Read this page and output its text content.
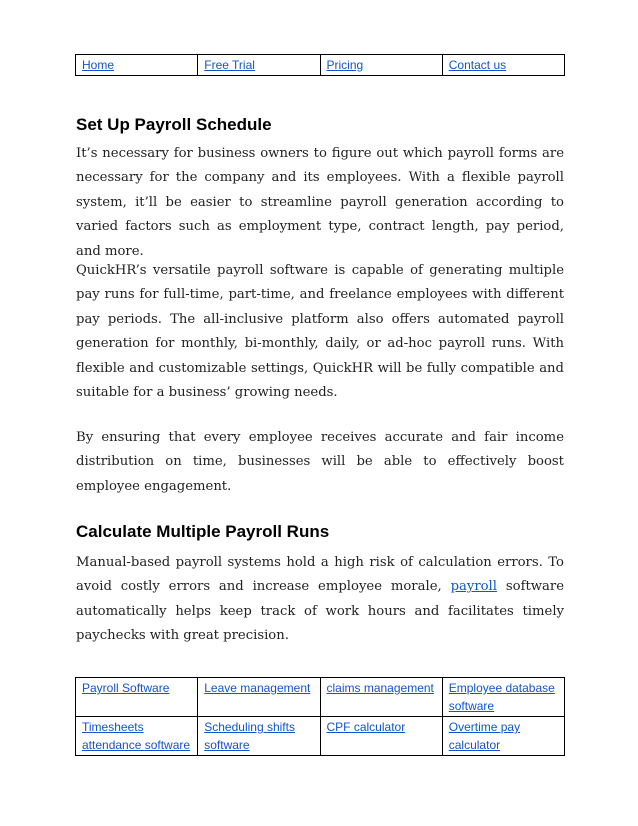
Home	Free Trial	Pricing	Contact us
Set Up Payroll Schedule

It’s necessary for business owners to figure out which payroll forms are necessary for the company and its employees. With a flexible payroll system, it’ll be easier to streamline payroll generation according to varied factors such as employment type, contract length, pay period, and more.

QuickHR’s versatile payroll software is capable of generating multiple pay runs for full-time, part-time, and freelance employees with different pay periods. The all-inclusive platform also offers automated payroll generation for monthly, bi-monthly, daily, or ad-hoc payroll runs. With flexible and customizable settings, QuickHR will be fully compatible and suitable for a business’ growing needs.

By ensuring that every employee receives accurate and fair income distribution on time, businesses will be able to effectively boost employee engagement.

Calculate Multiple Payroll Runs

Manual-based payroll systems hold a high risk of calculation errors. To avoid costly errors and increase employee morale, payroll software automatically helps keep track of work hours and facilitates timely paychecks with great precision.

Payroll Software	Leave management	claims management	Employee database software
Timesheets attendance software	Scheduling shifts software	CPF calculator	Overtime pay calculator
